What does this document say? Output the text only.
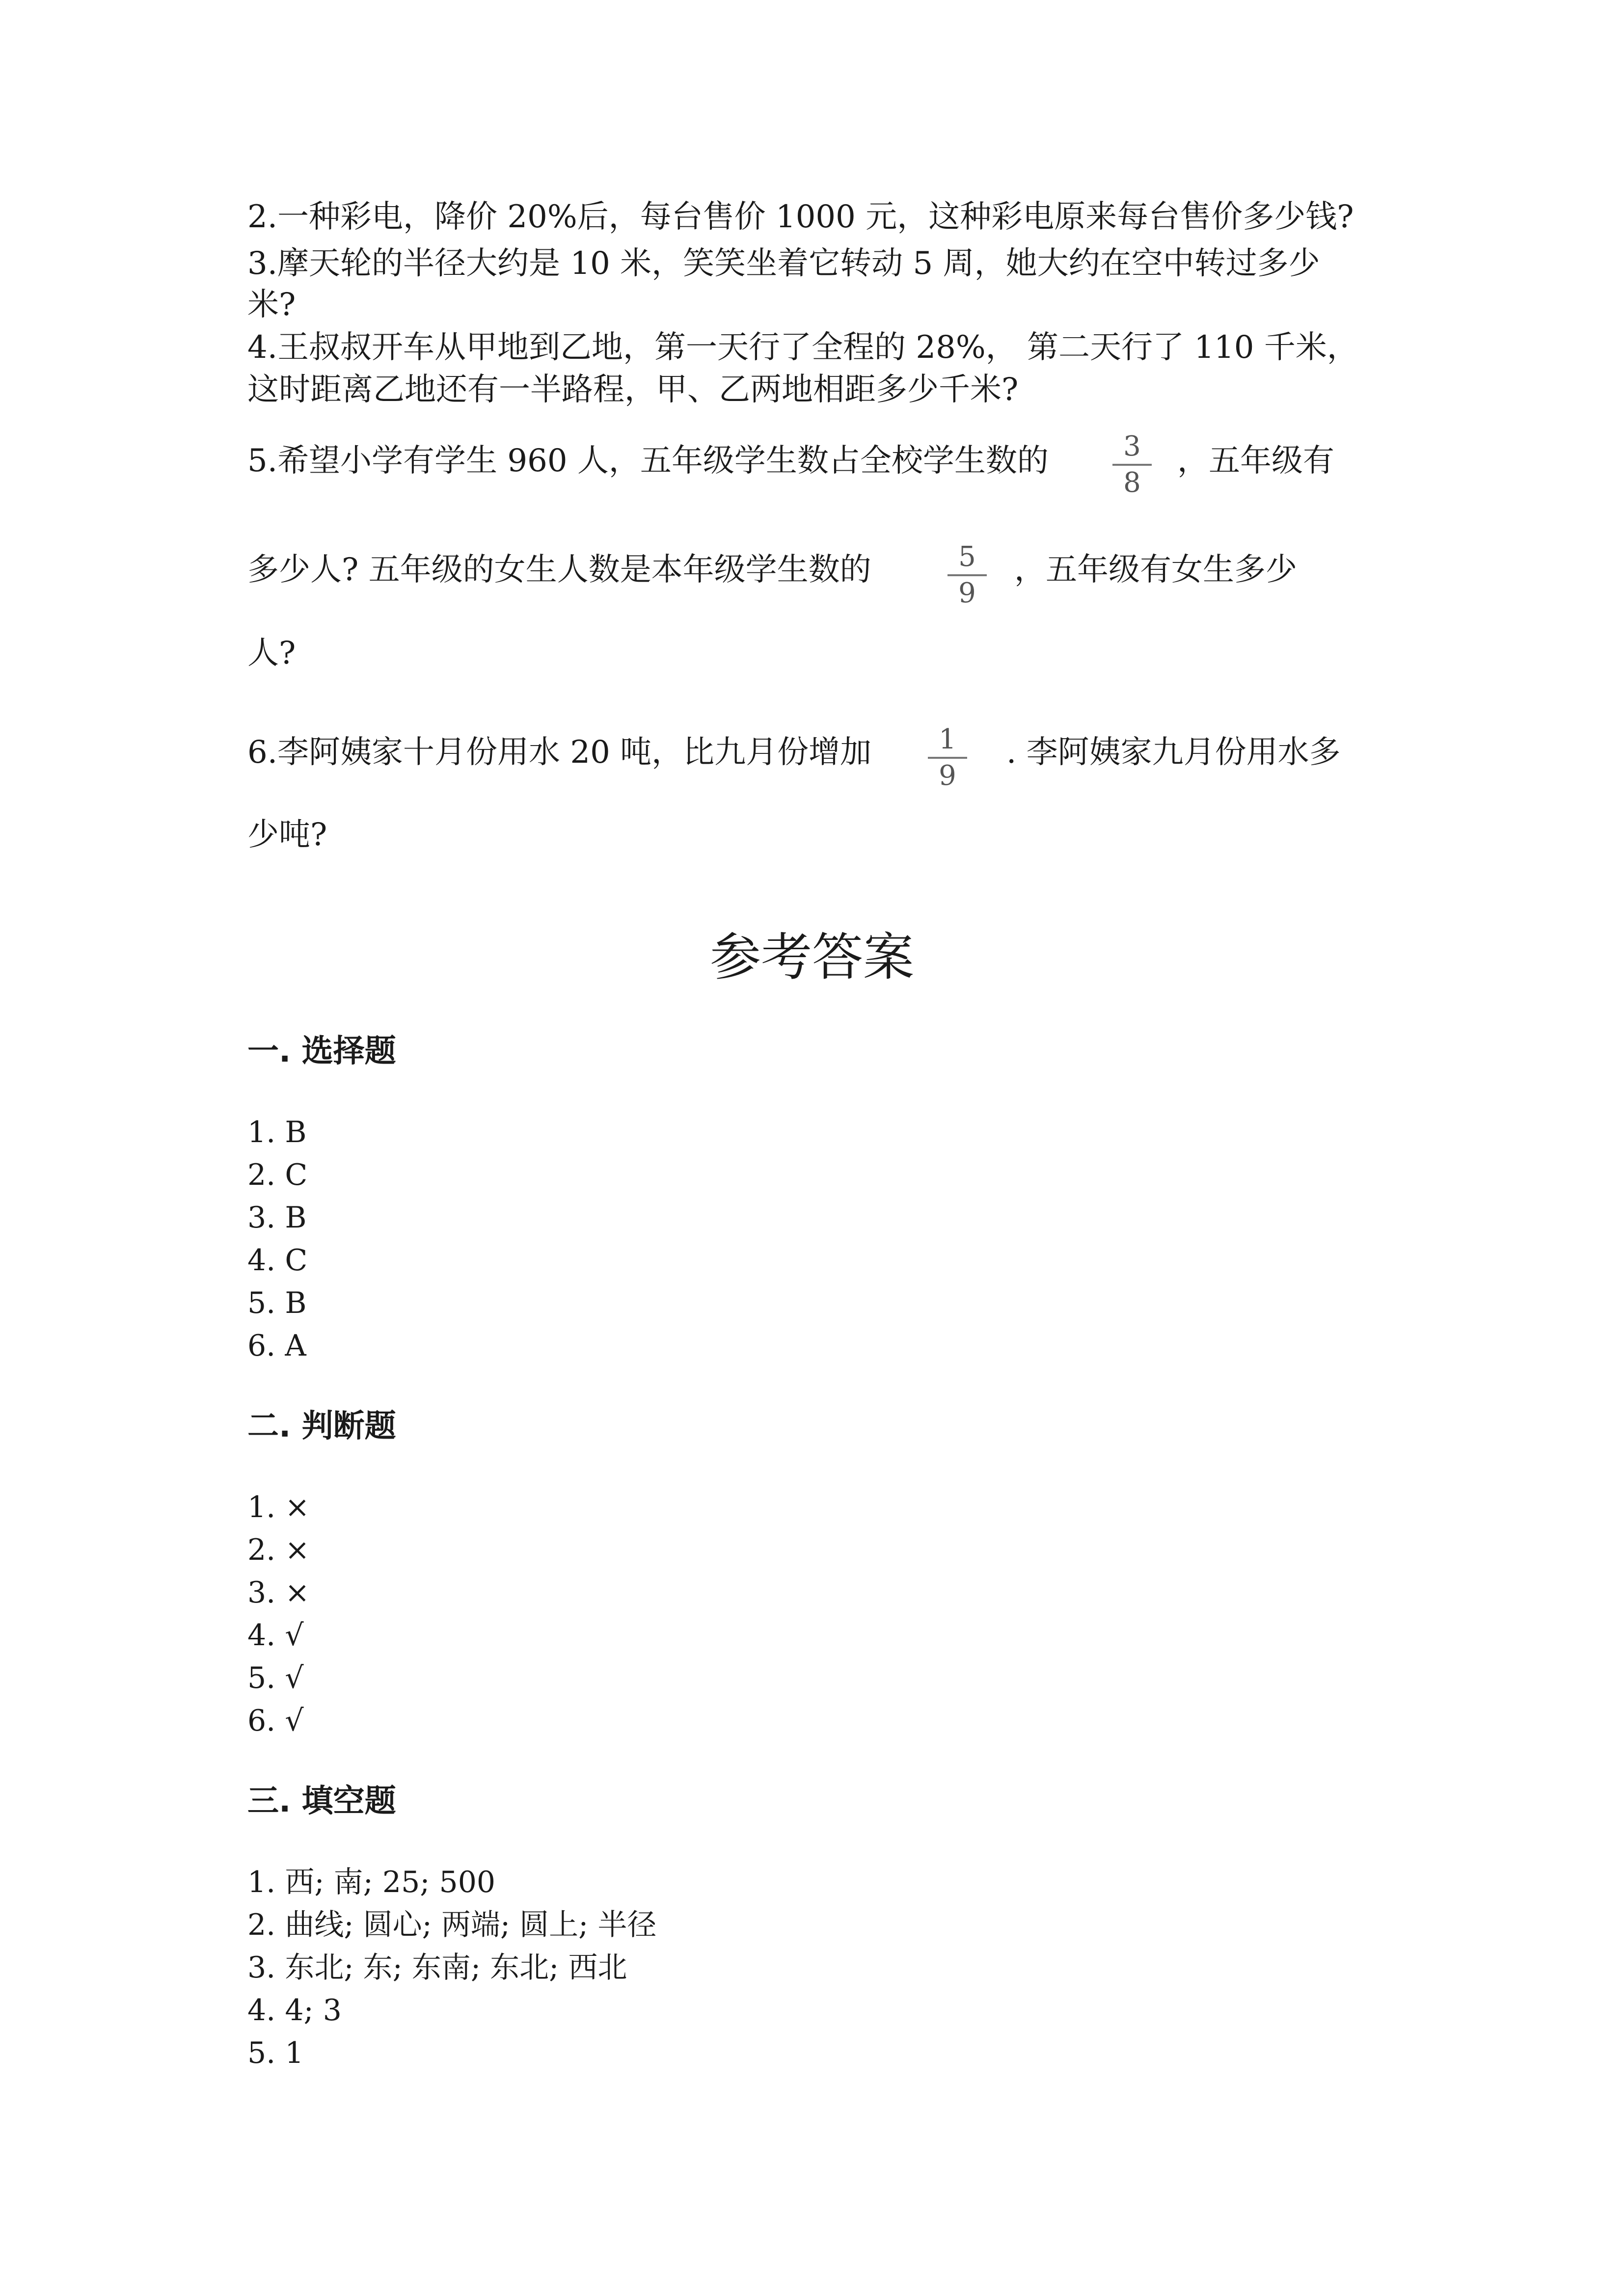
2.一种彩电，降价 20%后，每台售价 1000 元，这种彩电原来每台售价多少钱?
3.摩天轮的半径大约是 10 米，笑笑坐着它转动 5 周，她大约在空中转过多少
米?
4.王叔叔开车从甲地到乙地，第一天行了全程的 28%， 第二天行了 110 千米，
这时距离乙地还有一半路程，甲、乙两地相距多少千米?
5.希望小学有学生 960 人，五年级学生数占全校学生数的 $\frac{3}{8}$ ，五年级有
多少人? 五年级的女生人数是本年级学生数的	$\frac{5}{9}$ ，五年级有女生多少
人?
6.李阿姨家十月份用水 20 吨，比九月份增加 $\frac{1}{9}$ . 李阿姨家九月份用水多
少吨?
参考答案
一. 选择题
1. B
2. C
3. B
4. C
5. B
6. A
二. 判断题
1. ×
2. ×
3. ×
4. √
5. √
6. √
三. 填空题
1. 西; 南; 25; 500
2. 曲线; 圆心; 两端; 圆上; 半径
3. 东北; 东; 东南; 东北; 西北
4. 4; 3
5. 1
